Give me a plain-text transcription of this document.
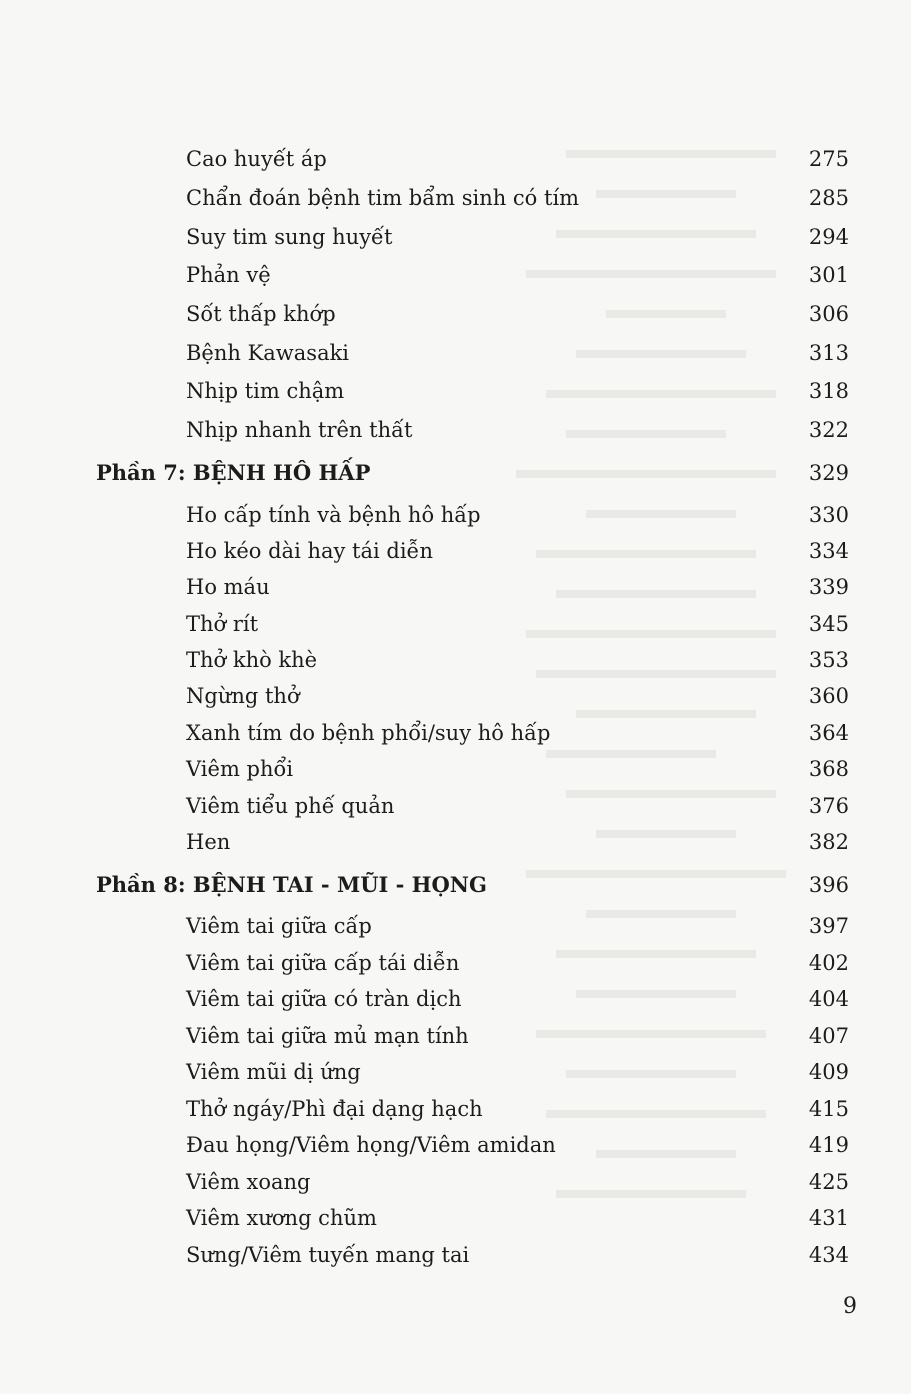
Cao huyết áp	275
Chẩn đoán bệnh tim bẩm sinh có tím	285
Suy tim sung huyết	294
Phản vệ	301
Sốt thấp khớp	306
Bệnh Kawasaki	313
Nhịp tim chậm	318
Nhịp nhanh trên thất	322
Phần 7: BỆNH HÔ HẤP	329
Ho cấp tính và bệnh hô hấp	330
Ho kéo dài hay tái diễn	334
Ho máu	339
Thở rít	345
Thở khò khè	353
Ngừng thở	360
Xanh tím do bệnh phổi/suy hô hấp	364
Viêm phổi	368
Viêm tiểu phế quản	376
Hen	382
Phần 8: BỆNH TAI - MŨI - HỌNG	396
Viêm tai giữa cấp	397
Viêm tai giữa cấp tái diễn	402
Viêm tai giữa có tràn dịch	404
Viêm tai giữa mủ mạn tính	407
Viêm mũi dị ứng	409
Thở ngáy/Phì đại dạng hạch	415
Đau họng/Viêm họng/Viêm amidan	419
Viêm xoang	425
Viêm xương chũm	431
Sưng/Viêm tuyến mang tai	434
9
